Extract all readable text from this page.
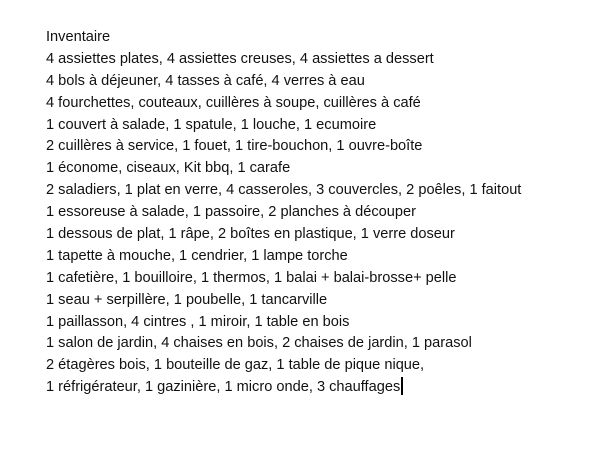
Inventaire
4 assiettes plates, 4 assiettes creuses, 4 assiettes a dessert
4 bols à déjeuner, 4 tasses à café, 4 verres à eau
4 fourchettes, couteaux, cuillères à soupe, cuillères à café
1 couvert à salade, 1 spatule, 1 louche, 1 ecumoire
2 cuillères à service, 1 fouet, 1 tire-bouchon, 1 ouvre-boîte
1 économe, ciseaux, Kit bbq, 1 carafe
2 saladiers, 1 plat en verre, 4 casseroles, 3 couvercles, 2 poêles, 1 faitout
1 essoreuse à salade, 1 passoire, 2 planches à découper
1 dessous de plat, 1 râpe, 2 boîtes en plastique, 1 verre doseur
1 tapette à mouche, 1 cendrier, 1 lampe torche
1 cafetière, 1 bouilloire, 1 thermos, 1 balai + balai-brosse+ pelle
1 seau + serpillère, 1 poubelle, 1 tancarville
1 paillasson, 4 cintres , 1 miroir, 1 table en bois
1 salon de jardin, 4 chaises en bois, 2 chaises de jardin, 1 parasol
2 étagères bois, 1 bouteille de gaz, 1 table de pique nique,
1 réfrigérateur, 1 gazinière, 1 micro onde, 3 chauffages
